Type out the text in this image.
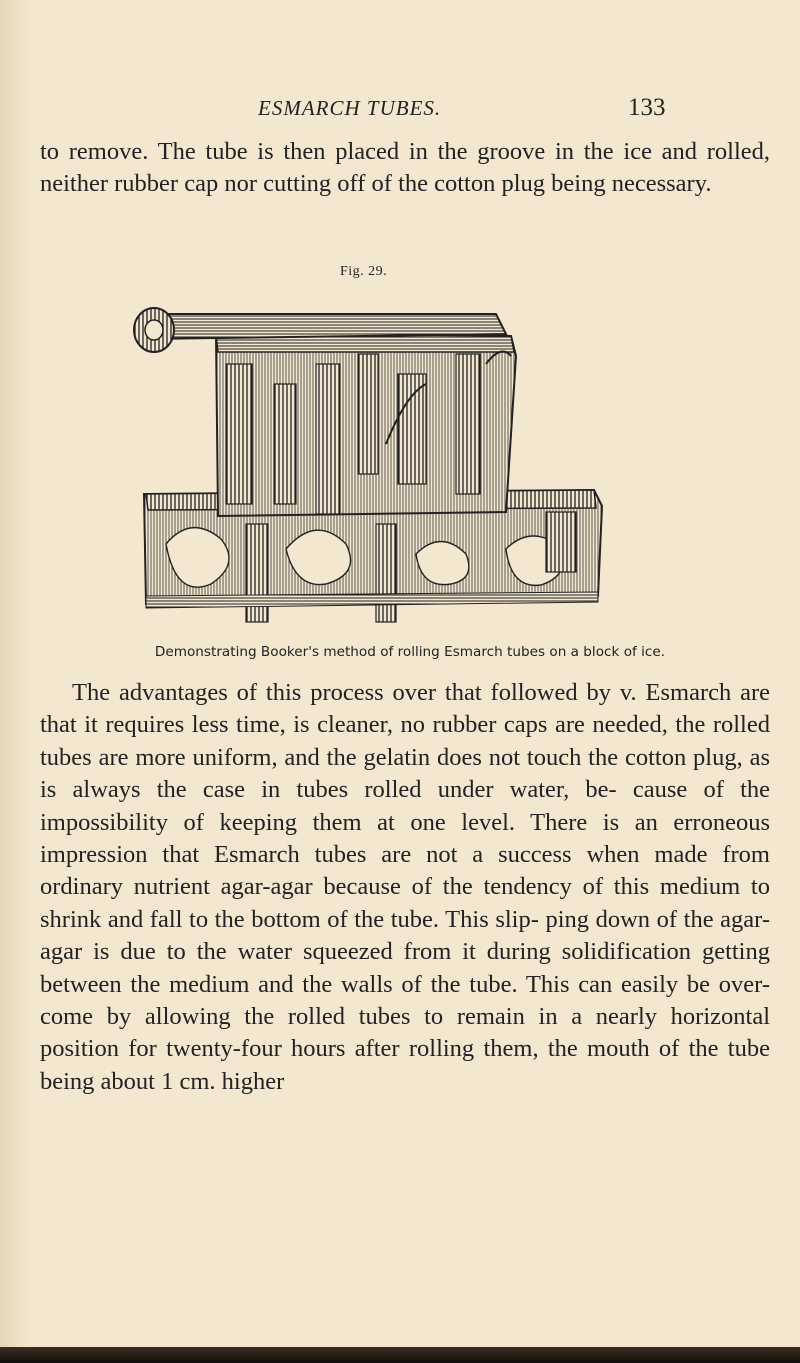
ESMARCH TUBES.	133

to remove. The tube is then placed in the groove in the ice and rolled, neither rubber cap nor cutting off of the cotton plug being necessary.

Fig. 29.
Demonstrating Booker's method of rolling Esmarch tubes on a block of ice.

The advantages of this process over that followed by v. Esmarch are that it requires less time, is cleaner, no rubber caps are needed, the rolled tubes are more uniform, and the gelatin does not touch the cotton plug, as is always the case in tubes rolled under water, be- cause of the impossibility of keeping them at one level. There is an erroneous impression that Esmarch tubes are not a success when made from ordinary nutrient agar-agar because of the tendency of this medium to shrink and fall to the bottom of the tube. This slip- ping down of the agar-agar is due to the water squeezed from it during solidification getting between the medium and the walls of the tube. This can easily be over- come by allowing the rolled tubes to remain in a nearly horizontal position for twenty-four hours after rolling them, the mouth of the tube being about 1 cm. higher
